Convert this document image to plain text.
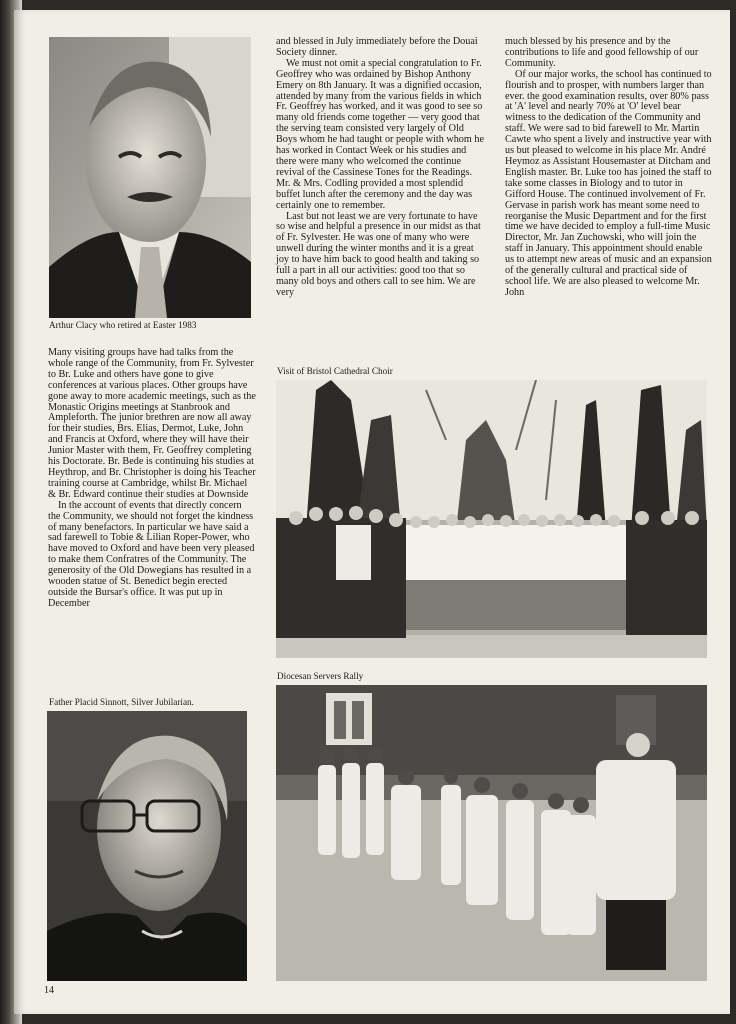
Arthur Clacy who retired at Easter 1983

Many visiting groups have had talks from the whole range of the Community, from Fr. Sylvester to Br. Luke and others have gone to give conferences at various places. Other groups have gone away to more academic meetings, such as the Monastic Origins meetings at Stanbrook and Ampleforth. The junior brethren are now all away for their studies, Brs. Elias, Dermot, Luke, John and Francis at Oxford, where they will have their Junior Master with them, Fr. Geoffrey completing his Doctorate. Br. Bede is continuing his studies at Heythrop, and Br. Christopher is doing his Teacher training course at Cambridge, whilst Br. Michael & Br. Edward continue their studies at Downside

In the account of events that directly concern the Community, we should not forget the kindness of many benefactors. In particular we have said a sad farewell to Tobie & Lilian Roper-Power, who have moved to Oxford and have been very pleased to make them Confratres of the Community. The generosity of the Old Dowegians has resulted in a wooden statue of St. Benedict begin erected outside the Bursar's office. It was put up in December

Father Placid Sinnott, Silver Jubilarian.

and blessed in July immediately before the Douai Society dinner.

We must not omit a special congratulation to Fr. Geoffrey who was ordained by Bishop Anthony Emery on 8th January. It was a dignified occasion, attended by many from the various fields in which Fr. Geoffrey has worked, and it was good to see so many old friends come together — very good that the serving team consisted very largely of Old Boys whom he had taught or people with whom he has worked in Contact Week or his studies and there were many who welcomed the continue revival of the Cassinese Tones for the Readings. Mr. & Mrs. Codling provided a most splendid buffet lunch after the ceremony and the day was certainly one to remember.

Last but not least we are very fortunate to have so wise and helpful a presence in our midst as that of Fr. Sylvester. He was one of many who were unwell during the winter months and it is a great joy to have him back to good health and taking so full a part in all our activities: good too that so many old boys and others call to see him. We are very

much blessed by his presence and by the contributions to life and good fellowship of our Community.

Of our major works, the school has continued to flourish and to prosper, with numbers larger than ever. the good examination results, over 80% pass at 'A' level and nearly 70% at 'O' level bear witness to the dedication of the Community and staff. We were sad to bid farewell to Mr. Martin Cawte who spent a lively and instructive year with us but pleased to welcome in his place Mr. André Heymoz as Assistant Housemaster at Ditcham and English master. Br. Luke too has joined the staff to take some classes in Biology and to tutor in Gifford House. The continued involvement of Fr. Gervase in parish work has meant some need to reorganise the Music Department and for the first time we have decided to employ a full-time Music Director, Mr. Jan Zuchowski, who will join the staff in January. This appointment should enable us to attempt new areas of music and an expansion of the generally cultural and practical side of school life. We are also pleased to welcome Mr. John

Visit of Bristol Cathedral Choir
Diocesan Servers Rally
14
